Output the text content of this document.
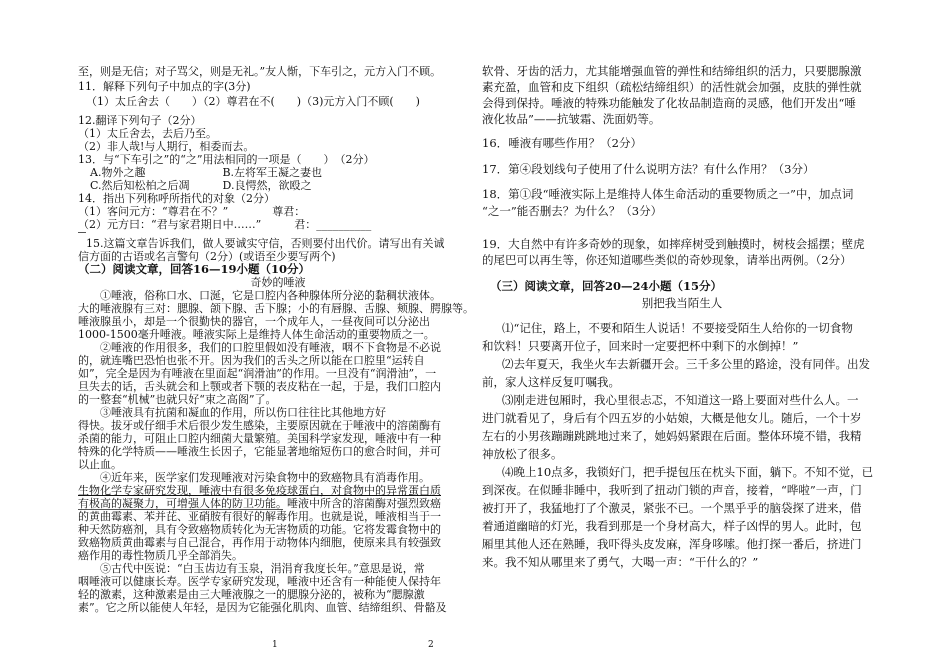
至，则是无信；对子骂父，则是无礼。”友人惭，下车引之，元方入门不顾。
11．解释下列句子中加点的字(3分)
（1）太丘舍去（　　）（2）尊君在不(　　)（3)元方入门不顾(　　)
12.翻译下列句子（2分）
（1）太丘舍去，去后乃至。
（2）非人哉!与人期行，相委而去。
13．与“下车引之”的“之”用法相同的一项是（　　）　（2分）
A.物外之趣　　　　　　　B.左将军王凝之妻也
C.然后知松柏之后凋　　　D.良愕然，欲殴之
14．指出下列称呼所指代的对象（2分）
（1）客问元方：“尊君在不？”　　　　尊君：
（2）元方曰：“君与家君期日中……”　　　君：__________
15.这篇文章告诉我们，做人要诚实守信，否则要付出代价。请写出有关诚
信方面的古语或名言警句（2分）(或语至少要写两个)
（二）阅读文章，回答16—19小题（10分）
奇妙的唾液
①唾液，俗称口水、口涎，它是口腔内各种腺体所分泌的黏稠状液体。
大的唾液腺有三对：腮腺、颌下腺、舌下腺；小的有唇腺、舌腺、颊腺、腭腺等。
唾液腺虽小，却是一个很勤快的器官，一个成年人，一昼夜间可以分泌出
1000-1500毫升唾液。唾液实际上是维持人体生命活动的重要物质之一。
②唾液的作用很多，我们的口腔里假如没有唾液，咽不下食物是不必说
的，就连嘴巴恐怕也张不开。因为我们的舌头之所以能在口腔里“运转自
如”，完全是因为有唾液在里面起“润滑油”的作用。一旦没有“润滑油”，一
旦失去的话，舌头就会和上颚或者下颚的表皮粘在一起，于是，我们口腔内
的一整套“机械”也就只好“束之高阁”了。
③唾液具有抗菌和凝血的作用，所以伤口往往比其他地方好
得快。拔牙或仔细手术后很少发生感染，主要原因就在于唾液中的溶菌酶有
杀菌的能力，可阻止口腔内细菌大量繁殖。美国科学家发现，唾液中有一种
特殊的化学特质——唾液生长因子，它能显著地缩短伤口的愈合时间，并可
以止血。
④近年来，医学家们发现唾液对污染食物中的致癌物具有消毒作用。
生物化学专家研究发现，唾液中有很多免疫球蛋白，对食物中的异常蛋白质
有极高的凝聚力，可增强人体的防卫功能。唾液中所含的溶菌酶对强烈致癌
的黄曲霉素、苯并芘、亚硝胺有很好的解毒作用。也就是说，唾液相当于一
种天然防癌剂，具有令致癌物质转化为无害物质的功能。它将发霉食物中的
致癌物质黄曲霉素与自己混合，再作用于动物体内细胞，使原来具有较强致
癌作用的毒性物质几乎全部消失。
⑤古代中医说：“白玉齿边有玉泉，涓涓育我度长年。”意思是说，常
咽唾液可以健康长寿。医学专家研究发现，唾液中还含有一种能使人保持年
轻的激素，这种激素是由三大唾液腺之一的腮腺分泌的，被称为“腮腺激
素”。它之所以能使人年轻，是因为它能强化肌肉、血管、结缔组织、骨骼及
1
软骨、牙齿的活力，尤其能增强血管的弹性和结缔组织的活力，只要腮腺激
素充盈，血管和皮下组织（疏松结缔组织）的活性就会加强，皮肤的弹性就
会得到保持。唾液的特殊功能触发了化妆品制造商的灵感，他们开发出“唾
液化妆品”——抗皱霜、洗面奶等。
16．唾液有哪些作用？（2分）
17．第④段划线句子使用了什么说明方法？有什么作用？（3分）
18．第①段“唾液实际上是维持人体生命活动的重要物质之一”中，加点词
“之一”能否删去？为什么？（3分）
19．大自然中有许多奇妙的现象，如摔痒树受到触摸时，树枝会摇摆；壁虎
的尾巴可以再生等，你还知道哪些类似的奇妙现象，请举出两例。（2分）
（三）阅读文章，回答20—24小题（15分）
别把我当陌生人
⑴“记住，路上，不要和陌生人说话！不要接受陌生人给你的一切食物
和饮料！只要离开位子，回来时一定要把杯中剩下的水倒掉！”
⑵去年夏天，我坐火车去新疆开会。三千多公里的路途，没有同伴。出发
前，家人这样反复叮嘱我。
⑶刚走进包厢时，我心里很忐忑，不知道这一路上要面对些什么人。一
进门就看见了，身后有个四五岁的小姑娘，大概是他女儿。随后，一个十岁
左右的小男孩蹦蹦跳跳地过来了，她妈妈紧跟在后面。整体环境不错，我精
神放松了很多。
⑷晚上10点多，我锁好门，把手提包压在枕头下面，躺下。不知不觉，已
到深夜。在似睡非睡中，我听到了扭动门锁的声音，接着，“哗啦”一声，门
被打开了，我猛地打了个激灵，紧张不已。一个黑乎乎的脑袋探了进来，借
着通道幽暗的灯光，我看到那是一个身材高大，样子凶悍的男人。此时，包
厢里其他人还在熟睡，我吓得头皮发麻，浑身哆嗦。他打探一番后，挤进门
来。我不知从哪里来了勇气，大喝一声：“干什么的？”
2
